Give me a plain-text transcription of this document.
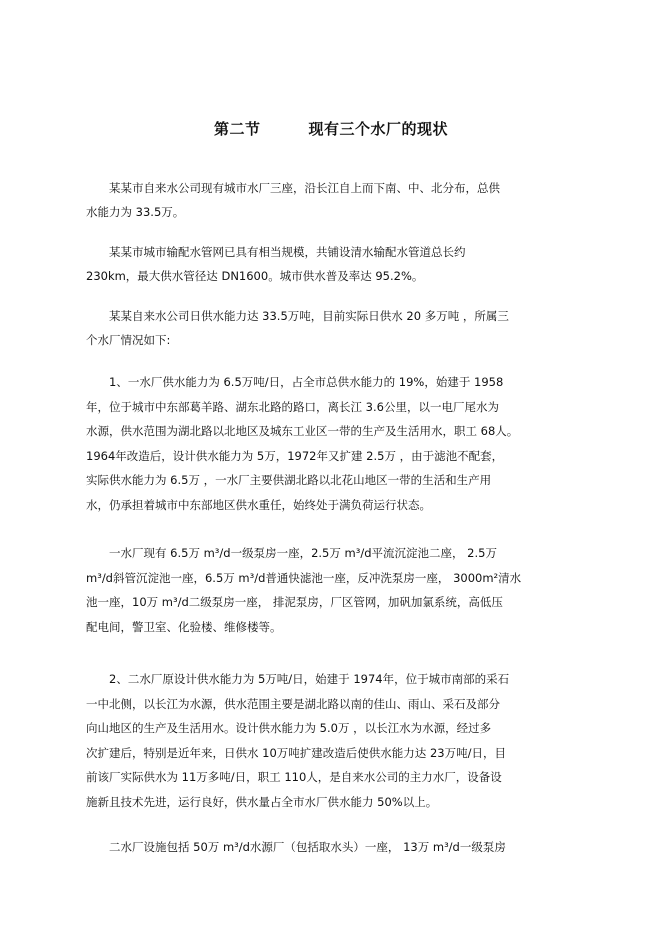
第二节	现有三个水厂的现状
　　某某市自来水公司现有城市水厂三座，沿长江自上而下南、中、北分布，总供
水能力为 33.5万。
　　某某市城市输配水管网已具有相当规模，共铺设清水输配水管道总长约
230km，最大供水管径达 DN1600。城市供水普及率达 95.2%。
　　某某自来水公司日供水能力达 33.5万吨，目前实际日供水 20 多万吨 ，所属三
个水厂情况如下:
　　1、一水厂供水能力为 6.5万吨/日，占全市总供水能力的 19%，始建于 1958
年，位于城市中东部葛羊路、湖东北路的路口，离长江 3.6公里，以一电厂尾水为
水源，供水范围为湖北路以北地区及城东工业区一带的生产及生活用水，职工 68人。
1964年改造后，设计供水能力为 5万，1972年又扩建 2.5万 ，由于滤池不配套，
实际供水能力为 6.5万 ，一水厂主要供湖北路以北花山地区一带的生活和生产用
水，仍承担着城市中东部地区供水重任，始终处于满负荷运行状态。
　　一水厂现有 6.5万 m³/d一级泵房一座，2.5万 m³/d平流沉淀池二座， 2.5万
m³/d斜管沉淀池一座，6.5万 m³/d普通快滤池一座，反冲洗泵房一座， 3000m²清水
池一座，10万 m³/d二级泵房一座， 排泥泵房，厂区管网，加矾加氯系统，高低压
配电间，警卫室、化验楼、维修楼等。
　　2、二水厂原设计供水能力为 5万吨/日，始建于 1974年，位于城市南部的采石
一中北侧，以长江为水源，供水范围主要是湖北路以南的佳山、雨山、采石及部分
向山地区的生产及生活用水。设计供水能力为 5.0万 ，以长江水为水源，经过多
次扩建后，特别是近年来，日供水 10万吨扩建改造后使供水能力达 23万吨/日，目
前该厂实际供水为 11万多吨/日，职工 110人，是自来水公司的主力水厂，设备设
施新且技术先进，运行良好，供水量占全市水厂供水能力 50%以上。
　　二水厂设施包括 50万 m³/d水源厂（包括取水头）一座， 13万 m³/d一级泵房
